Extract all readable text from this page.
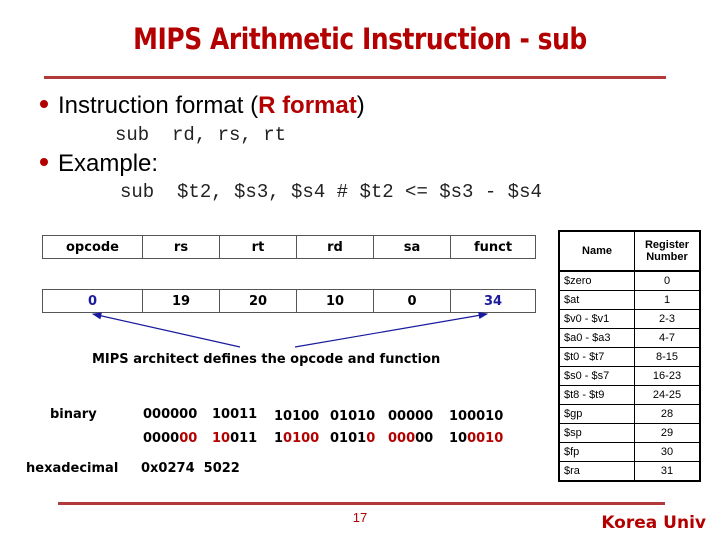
MIPS Arithmetic Instruction - sub
Instruction format (R format)
sub  rd, rs, rt
Example:
sub  $t2, $s3, $s4 # $t2 <= $s3 - $s4
opcode	rs	rt	rd	sa	funct
0	19	20	10	0	34
MIPS architect defines the opcode and function
binary	000000 10011 10100 01010 00000 100010
000000 10011 10100 01010 00000 100010
hexadecimal 0x0274  5022
Name	Register Number
$zero	0
$at	1
$v0 - $v1	2-3
$a0 - $a3	4-7
$t0 - $t7	8-15
$s0 - $s7	16-23
$t8 - $t9	24-25
$gp	28
$sp	29
$fp	30
$ra	31
17	Korea Univ
